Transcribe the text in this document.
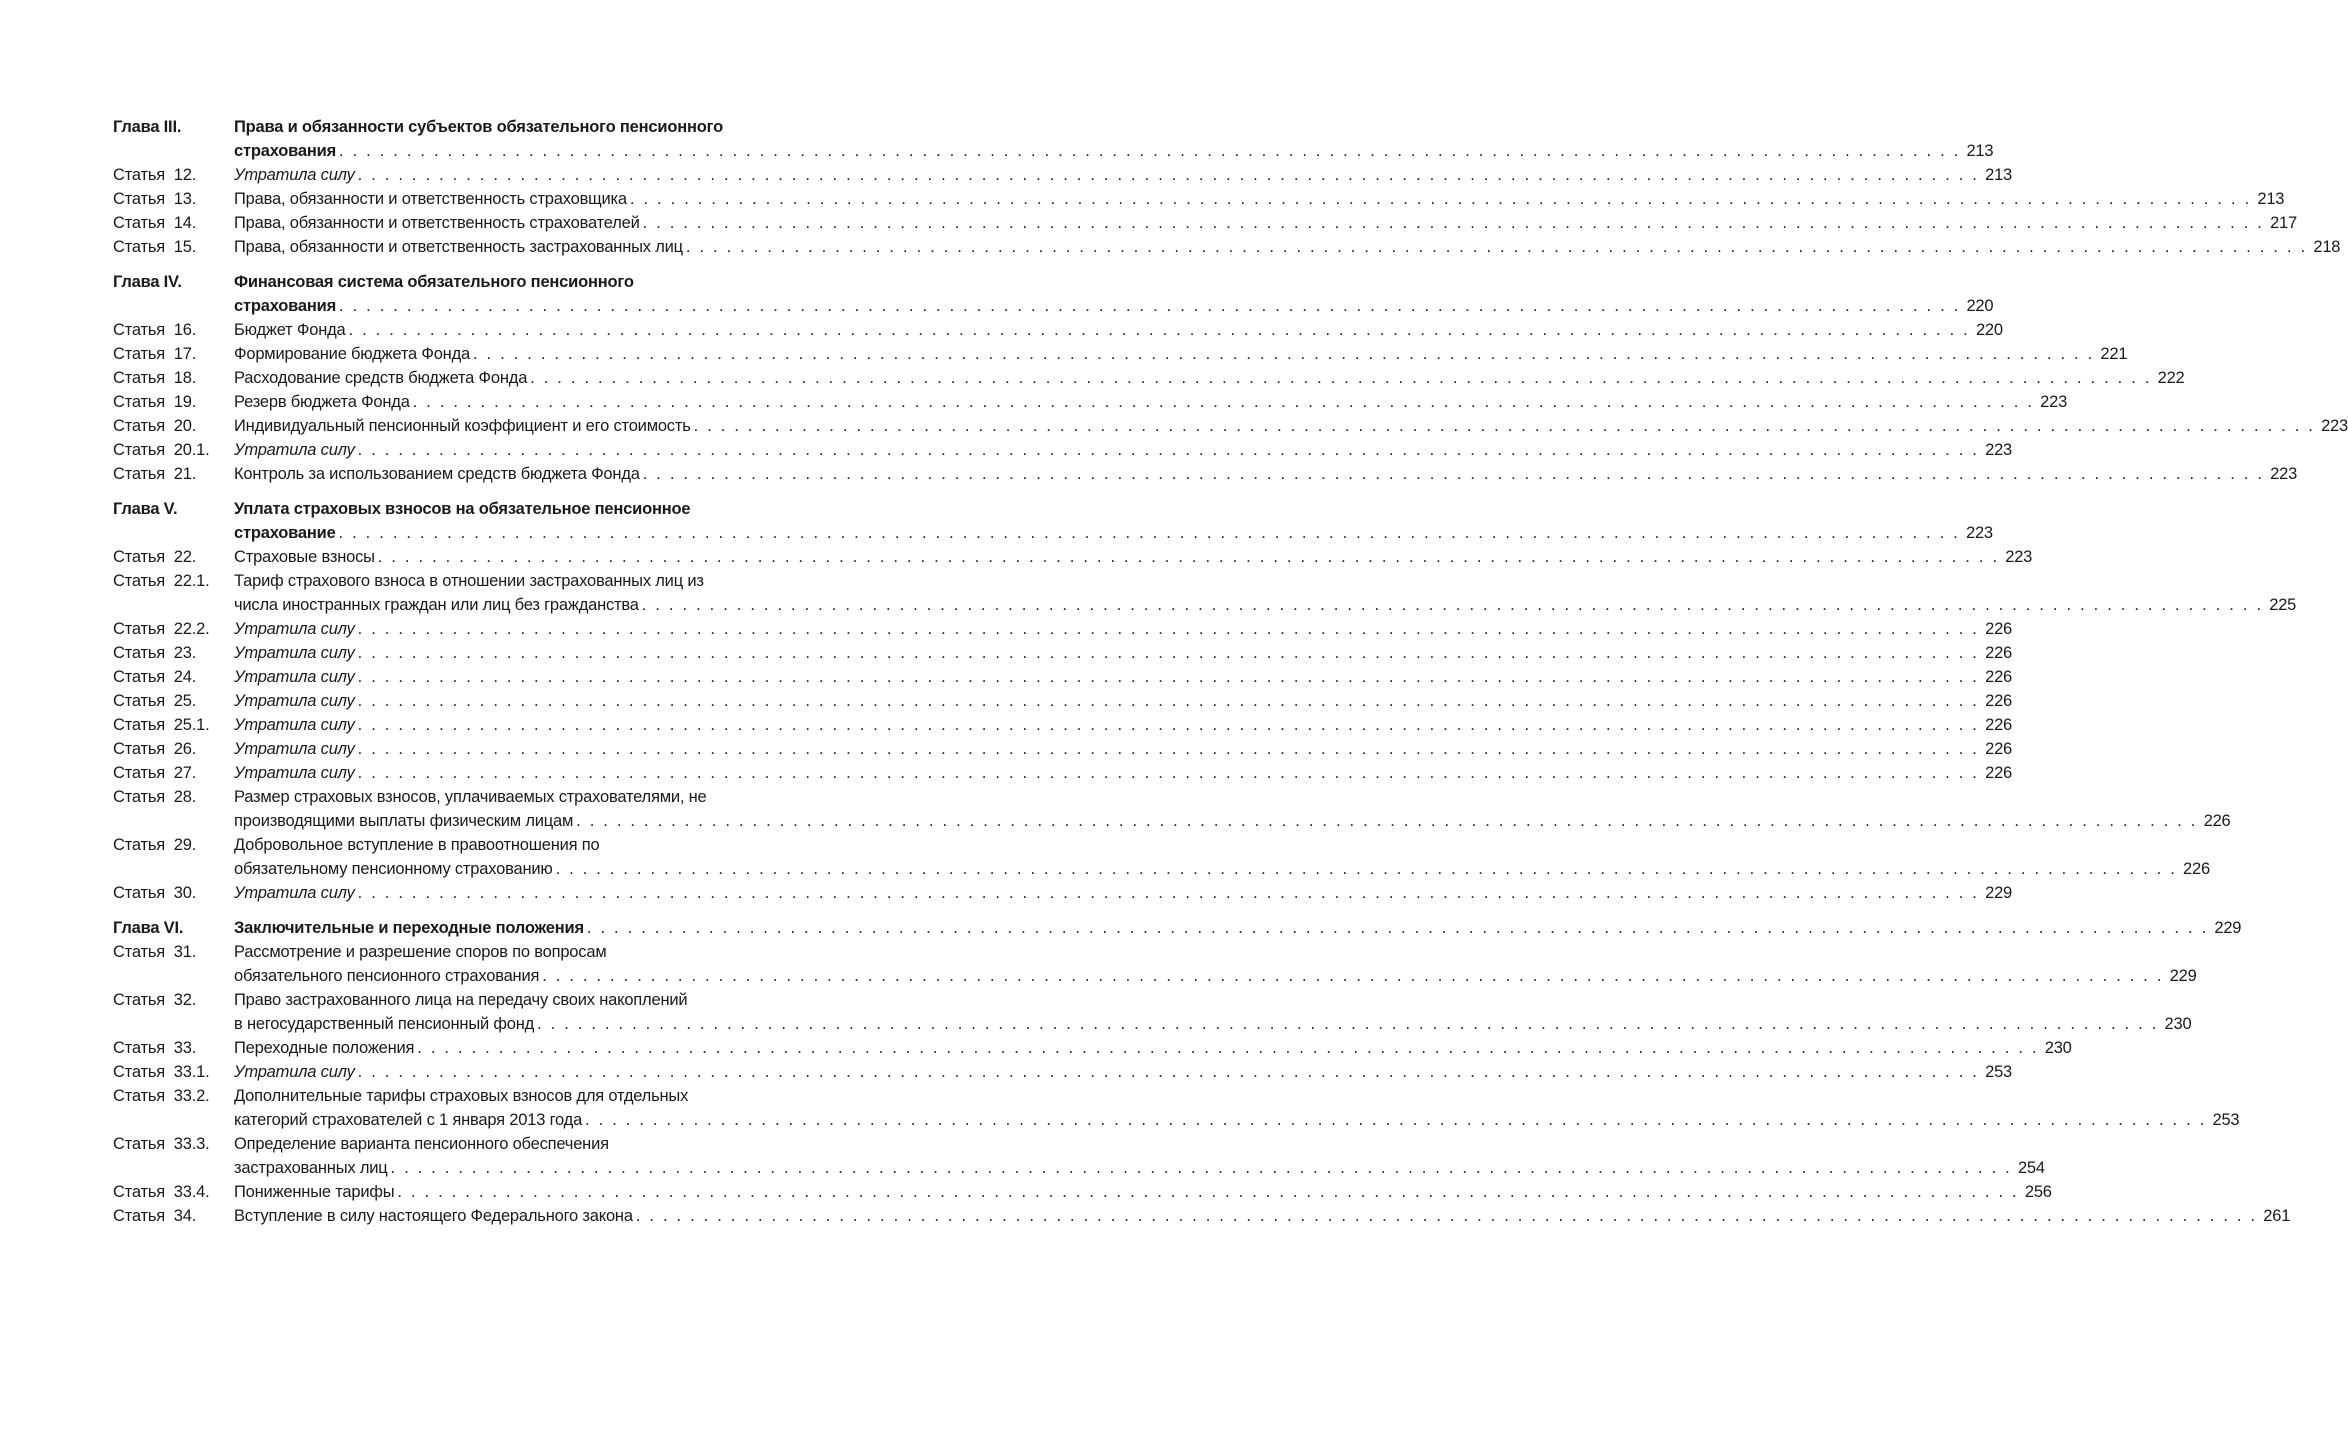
Глава III.	Права и обязанности субъектов обязательного пенсионного
страхования . . . . . . . . . . . . . . . . . . . . . . . . . . . . . . . . . . . . . . . . . . . . . . . . . . . . . . . . . . . . . . . . . . . . . . . . . . . . . . . . . . . . . . . . . . . . . . . . . . . . . . . . . . . . . . . . . . . . . . . . 213
Статья  12.	Утратила силу . . . . . . . . . . . . . . . . . . . . . . . . . . . . . . . . . . . . . . . . . . . . . . . . . . . . . . . . . . . . . . . . . . . . . . . . . . . . . . . . . . . . . . . . . . . . . . . . . . . . . . . . . . . . . . . . . . . . . . . . 213
Статья  13.	Права, обязанности и ответственность страховщика . . . . . . . . . . . . . . . . . . . . . . . . . . . . . . . . . . . . . . . . . . . . . . . . . . . . . . . . . . . . . . . . . . . . . . . . . . . . . . . . . . . . . . . . . . . . . . . . . . . . . . . . . . . . . . . . . . . . . . . . 213
Статья  14.	Права, обязанности и ответственность страхователей . . . . . . . . . . . . . . . . . . . . . . . . . . . . . . . . . . . . . . . . . . . . . . . . . . . . . . . . . . . . . . . . . . . . . . . . . . . . . . . . . . . . . . . . . . . . . . . . . . . . . . . . . . . . . . . . . . . . . . . . 217
Статья  15.	Права, обязанности и ответственность застрахованных лиц . . . . . . . . . . . . . . . . . . . . . . . . . . . . . . . . . . . . . . . . . . . . . . . . . . . . . . . . . . . . . . . . . . . . . . . . . . . . . . . . . . . . . . . . . . . . . . . . . . . . . . . . . . . . . . . . . . . . . . . . 218
Глава IV.	Финансовая система обязательного пенсионного
страхования . . . . . . . . . . . . . . . . . . . . . . . . . . . . . . . . . . . . . . . . . . . . . . . . . . . . . . . . . . . . . . . . . . . . . . . . . . . . . . . . . . . . . . . . . . . . . . . . . . . . . . . . . . . . . . . . . . . . . . . . 220
Статья  16.	Бюджет Фонда . . . . . . . . . . . . . . . . . . . . . . . . . . . . . . . . . . . . . . . . . . . . . . . . . . . . . . . . . . . . . . . . . . . . . . . . . . . . . . . . . . . . . . . . . . . . . . . . . . . . . . . . . . . . . . . . . . . . . . . . 220
Статья  17.	Формирование бюджета Фонда . . . . . . . . . . . . . . . . . . . . . . . . . . . . . . . . . . . . . . . . . . . . . . . . . . . . . . . . . . . . . . . . . . . . . . . . . . . . . . . . . . . . . . . . . . . . . . . . . . . . . . . . . . . . . . . . . . . . . . . . 221
Статья  18.	Расходование средств бюджета Фонда . . . . . . . . . . . . . . . . . . . . . . . . . . . . . . . . . . . . . . . . . . . . . . . . . . . . . . . . . . . . . . . . . . . . . . . . . . . . . . . . . . . . . . . . . . . . . . . . . . . . . . . . . . . . . . . . . . . . . . . . 222
Статья  19.	Резерв бюджета Фонда . . . . . . . . . . . . . . . . . . . . . . . . . . . . . . . . . . . . . . . . . . . . . . . . . . . . . . . . . . . . . . . . . . . . . . . . . . . . . . . . . . . . . . . . . . . . . . . . . . . . . . . . . . . . . . . . . . . . . . . . 223
Статья  20.	Индивидуальный пенсионный коэффициент и его стоимость . . . . . . . . . . . . . . . . . . . . . . . . . . . . . . . . . . . . . . . . . . . . . . . . . . . . . . . . . . . . . . . . . . . . . . . . . . . . . . . . . . . . . . . . . . . . . . . . . . . . . . . . . . . . . . . . . . . . . . . . 223
Статья  20.1.	Утратила силу . . . . . . . . . . . . . . . . . . . . . . . . . . . . . . . . . . . . . . . . . . . . . . . . . . . . . . . . . . . . . . . . . . . . . . . . . . . . . . . . . . . . . . . . . . . . . . . . . . . . . . . . . . . . . . . . . . . . . . . . 223
Статья  21.	Контроль за использованием средств бюджета Фонда . . . . . . . . . . . . . . . . . . . . . . . . . . . . . . . . . . . . . . . . . . . . . . . . . . . . . . . . . . . . . . . . . . . . . . . . . . . . . . . . . . . . . . . . . . . . . . . . . . . . . . . . . . . . . . . . . . . . . . . . 223
Глава V.	Уплата страховых взносов на обязательное пенсионное
страхование . . . . . . . . . . . . . . . . . . . . . . . . . . . . . . . . . . . . . . . . . . . . . . . . . . . . . . . . . . . . . . . . . . . . . . . . . . . . . . . . . . . . . . . . . . . . . . . . . . . . . . . . . . . . . . . . . . . . . . . . 223
Статья  22.	Страховые взносы . . . . . . . . . . . . . . . . . . . . . . . . . . . . . . . . . . . . . . . . . . . . . . . . . . . . . . . . . . . . . . . . . . . . . . . . . . . . . . . . . . . . . . . . . . . . . . . . . . . . . . . . . . . . . . . . . . . . . . . . 223
Статья  22.1.	Тариф страхового взноса в отношении застрахованных лиц из
числа иностранных граждан или лиц без гражданства . . . . . . . . . . . . . . . . . . . . . . . . . . . . . . . . . . . . . . . . . . . . . . . . . . . . . . . . . . . . . . . . . . . . . . . . . . . . . . . . . . . . . . . . . . . . . . . . . . . . . . . . . . . . . . . . . . . . . . . . 225
Статья  22.2.	Утратила силу . . . . . . . . . . . . . . . . . . . . . . . . . . . . . . . . . . . . . . . . . . . . . . . . . . . . . . . . . . . . . . . . . . . . . . . . . . . . . . . . . . . . . . . . . . . . . . . . . . . . . . . . . . . . . . . . . . . . . . . . 226
Статья  23.	Утратила силу . . . . . . . . . . . . . . . . . . . . . . . . . . . . . . . . . . . . . . . . . . . . . . . . . . . . . . . . . . . . . . . . . . . . . . . . . . . . . . . . . . . . . . . . . . . . . . . . . . . . . . . . . . . . . . . . . . . . . . . . 226
Статья  24.	Утратила силу . . . . . . . . . . . . . . . . . . . . . . . . . . . . . . . . . . . . . . . . . . . . . . . . . . . . . . . . . . . . . . . . . . . . . . . . . . . . . . . . . . . . . . . . . . . . . . . . . . . . . . . . . . . . . . . . . . . . . . . . 226
Статья  25.	Утратила силу . . . . . . . . . . . . . . . . . . . . . . . . . . . . . . . . . . . . . . . . . . . . . . . . . . . . . . . . . . . . . . . . . . . . . . . . . . . . . . . . . . . . . . . . . . . . . . . . . . . . . . . . . . . . . . . . . . . . . . . . 226
Статья  25.1.	Утратила силу . . . . . . . . . . . . . . . . . . . . . . . . . . . . . . . . . . . . . . . . . . . . . . . . . . . . . . . . . . . . . . . . . . . . . . . . . . . . . . . . . . . . . . . . . . . . . . . . . . . . . . . . . . . . . . . . . . . . . . . . 226
Статья  26.	Утратила силу . . . . . . . . . . . . . . . . . . . . . . . . . . . . . . . . . . . . . . . . . . . . . . . . . . . . . . . . . . . . . . . . . . . . . . . . . . . . . . . . . . . . . . . . . . . . . . . . . . . . . . . . . . . . . . . . . . . . . . . . 226
Статья  27.	Утратила силу . . . . . . . . . . . . . . . . . . . . . . . . . . . . . . . . . . . . . . . . . . . . . . . . . . . . . . . . . . . . . . . . . . . . . . . . . . . . . . . . . . . . . . . . . . . . . . . . . . . . . . . . . . . . . . . . . . . . . . . . 226
Статья  28.	Размер страховых взносов, уплачиваемых страхователями, не
производящими выплаты физическим лицам . . . . . . . . . . . . . . . . . . . . . . . . . . . . . . . . . . . . . . . . . . . . . . . . . . . . . . . . . . . . . . . . . . . . . . . . . . . . . . . . . . . . . . . . . . . . . . . . . . . . . . . . . . . . . . . . . . . . . . . . 226
Статья  29.	Добровольное вступление в правоотношения по
обязательному пенсионному страхованию . . . . . . . . . . . . . . . . . . . . . . . . . . . . . . . . . . . . . . . . . . . . . . . . . . . . . . . . . . . . . . . . . . . . . . . . . . . . . . . . . . . . . . . . . . . . . . . . . . . . . . . . . . . . . . . . . . . . . . . . 226
Статья  30.	Утратила силу . . . . . . . . . . . . . . . . . . . . . . . . . . . . . . . . . . . . . . . . . . . . . . . . . . . . . . . . . . . . . . . . . . . . . . . . . . . . . . . . . . . . . . . . . . . . . . . . . . . . . . . . . . . . . . . . . . . . . . . . 229
Глава VI.	Заключительные и переходные положения . . . . . . . . . . . . . . . . . . . . . . . . . . . . . . . . . . . . . . . . . . . . . . . . . . . . . . . . . . . . . . . . . . . . . . . . . . . . . . . . . . . . . . . . . . . . . . . . . . . . . . . . . . . . . . . . . . . . . . . . 229
Статья  31.	Рассмотрение и разрешение споров по вопросам
обязательного пенсионного страхования . . . . . . . . . . . . . . . . . . . . . . . . . . . . . . . . . . . . . . . . . . . . . . . . . . . . . . . . . . . . . . . . . . . . . . . . . . . . . . . . . . . . . . . . . . . . . . . . . . . . . . . . . . . . . . . . . . . . . . . . 229
Статья  32.	Право застрахованного лица на передачу своих накоплений
в негосударственный пенсионный фонд . . . . . . . . . . . . . . . . . . . . . . . . . . . . . . . . . . . . . . . . . . . . . . . . . . . . . . . . . . . . . . . . . . . . . . . . . . . . . . . . . . . . . . . . . . . . . . . . . . . . . . . . . . . . . . . . . . . . . . . . 230
Статья  33.	Переходные положения . . . . . . . . . . . . . . . . . . . . . . . . . . . . . . . . . . . . . . . . . . . . . . . . . . . . . . . . . . . . . . . . . . . . . . . . . . . . . . . . . . . . . . . . . . . . . . . . . . . . . . . . . . . . . . . . . . . . . . . . 230
Статья  33.1.	Утратила силу . . . . . . . . . . . . . . . . . . . . . . . . . . . . . . . . . . . . . . . . . . . . . . . . . . . . . . . . . . . . . . . . . . . . . . . . . . . . . . . . . . . . . . . . . . . . . . . . . . . . . . . . . . . . . . . . . . . . . . . . 253
Статья  33.2.	Дополнительные тарифы страховых взносов для отдельных
категорий страхователей с 1 января 2013 года . . . . . . . . . . . . . . . . . . . . . . . . . . . . . . . . . . . . . . . . . . . . . . . . . . . . . . . . . . . . . . . . . . . . . . . . . . . . . . . . . . . . . . . . . . . . . . . . . . . . . . . . . . . . . . . . . . . . . . . . 253
Статья  33.3.	Определение варианта пенсионного обеспечения
застрахованных лиц . . . . . . . . . . . . . . . . . . . . . . . . . . . . . . . . . . . . . . . . . . . . . . . . . . . . . . . . . . . . . . . . . . . . . . . . . . . . . . . . . . . . . . . . . . . . . . . . . . . . . . . . . . . . . . . . . . . . . . . . 254
Статья  33.4.	Пониженные тарифы . . . . . . . . . . . . . . . . . . . . . . . . . . . . . . . . . . . . . . . . . . . . . . . . . . . . . . . . . . . . . . . . . . . . . . . . . . . . . . . . . . . . . . . . . . . . . . . . . . . . . . . . . . . . . . . . . . . . . . . . 256
Статья  34.	Вступление в силу настоящего Федерального закона . . . . . . . . . . . . . . . . . . . . . . . . . . . . . . . . . . . . . . . . . . . . . . . . . . . . . . . . . . . . . . . . . . . . . . . . . . . . . . . . . . . . . . . . . . . . . . . . . . . . . . . . . . . . . . . . . . . . . . . . 261
